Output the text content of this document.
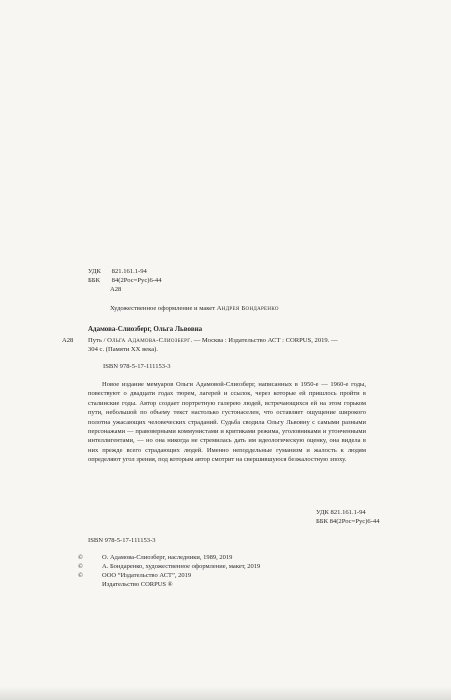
УДК 821.161.1-94
ББК 84(2Рос=Рус)6-44
А28
Художественное оформление и макет Андрея Бондаренко
Адамова-Слиозберг, Ольга Львовна
А28 Путь / Ольга Адамова-Слиозберг. — Москва : Издательство АСТ : CORPUS, 2019. —
304 с. (Памяти XX века).
ISBN 978-5-17-111153-3

Новое издание мемуаров Ольги Адамовой-Слиозберг, написанных в 1950-е — 1960-е годы, повествуют о двадцати годах тюрем, лагерей и ссылок, через которые ей пришлось пройти в сталинские годы. Автор создает портретную галерею людей, встречающихся ей на этом горьком пути, небольшой по объему текст настолько густонаселен, что оставляет ощущение широкого полотна ужасающих человеческих страданий. Судьба сводила Ольгу Львовну с самыми разными персонажами — правоверными коммунистами и критиками режима, уголовниками и утонченными интеллигентами, — но она никогда не стремилась дать им идеологическую оценку, она видела в них прежде всего страдающих людей. Именно неподдельные гуманизм и жалость к людям определяют угол зрения, под которым автор смотрит на свершившуюся безжалостную эпоху.

УДК 821.161.1-94
ББК 84(2Рос=Рус)6-44
ISBN 978-5-17-111153-3
©	О. Адамова-Слиозберг, наследники, 1989, 2019
©	А. Бондаренко, художественное оформление, макет, 2019
©	ООО “Издательство АСТ”, 2019
Издательство CORPUS ®
